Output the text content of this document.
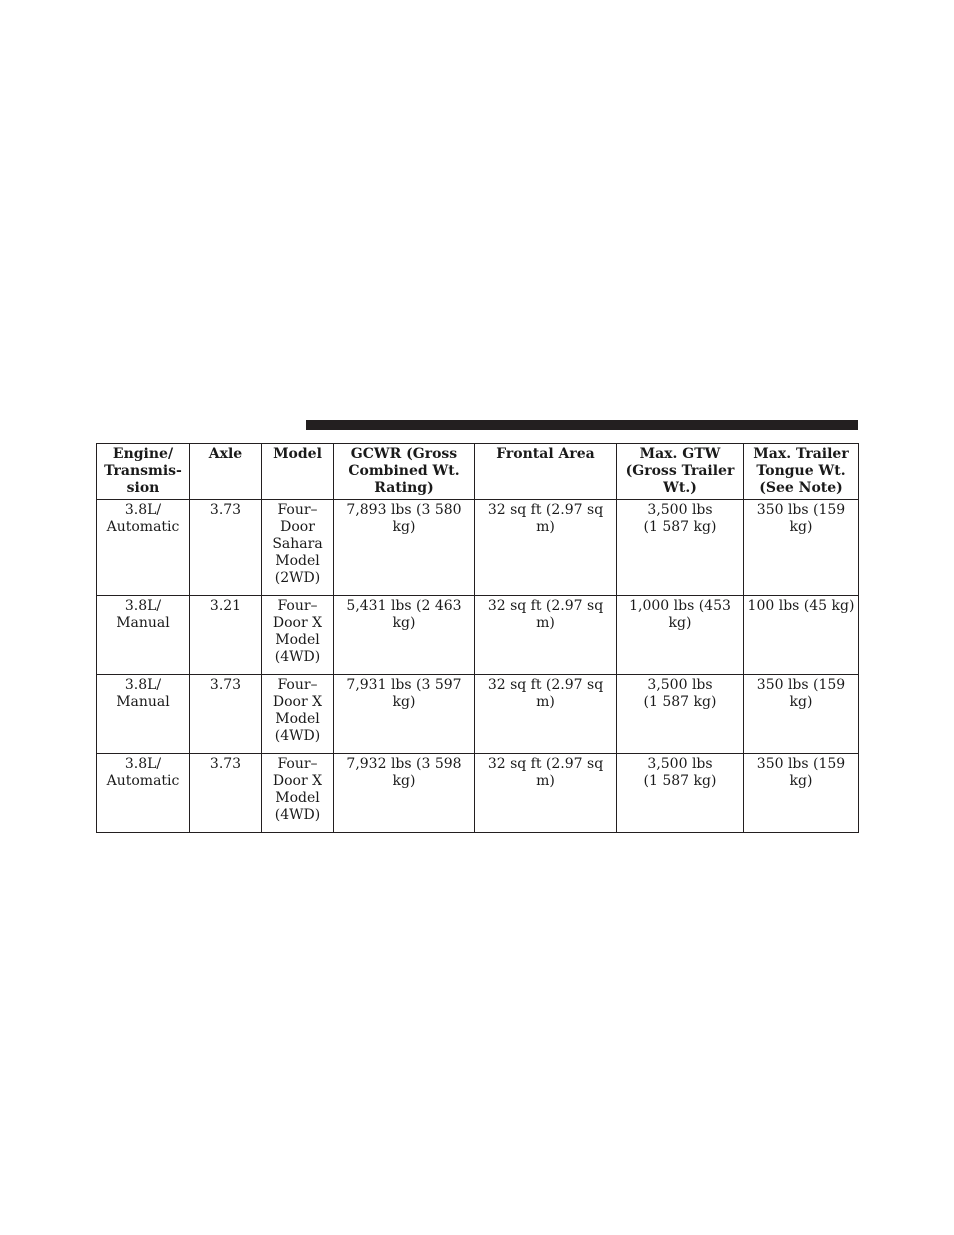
Engine/
Transmis-
sion	Axle	Model	GCWR (Gross
Combined Wt.
Rating)	Frontal Area	Max. GTW
(Gross Trailer
Wt.)	Max. Trailer
Tongue Wt.
(See Note)
3.8L/
Automatic	3.73	Four–
Door
Sahara
Model
(2WD)	7,893 lbs (3 580 kg)	32 sq ft (2.97 sq m)	3,500 lbs
(1 587 kg)	350 lbs (159 kg)
3.8L/
Manual	3.21	Four–
Door X
Model
(4WD)	5,431 lbs (2 463 kg)	32 sq ft (2.97 sq m)	1,000 lbs (453 kg)	100 lbs (45 kg)
3.8L/
Manual	3.73	Four–
Door X
Model
(4WD)	7,931 lbs (3 597 kg)	32 sq ft (2.97 sq m)	3,500 lbs
(1 587 kg)	350 lbs (159 kg)
3.8L/
Automatic	3.73	Four–
Door X
Model
(4WD)	7,932 lbs (3 598 kg)	32 sq ft (2.97 sq m)	3,500 lbs
(1 587 kg)	350 lbs (159 kg)
